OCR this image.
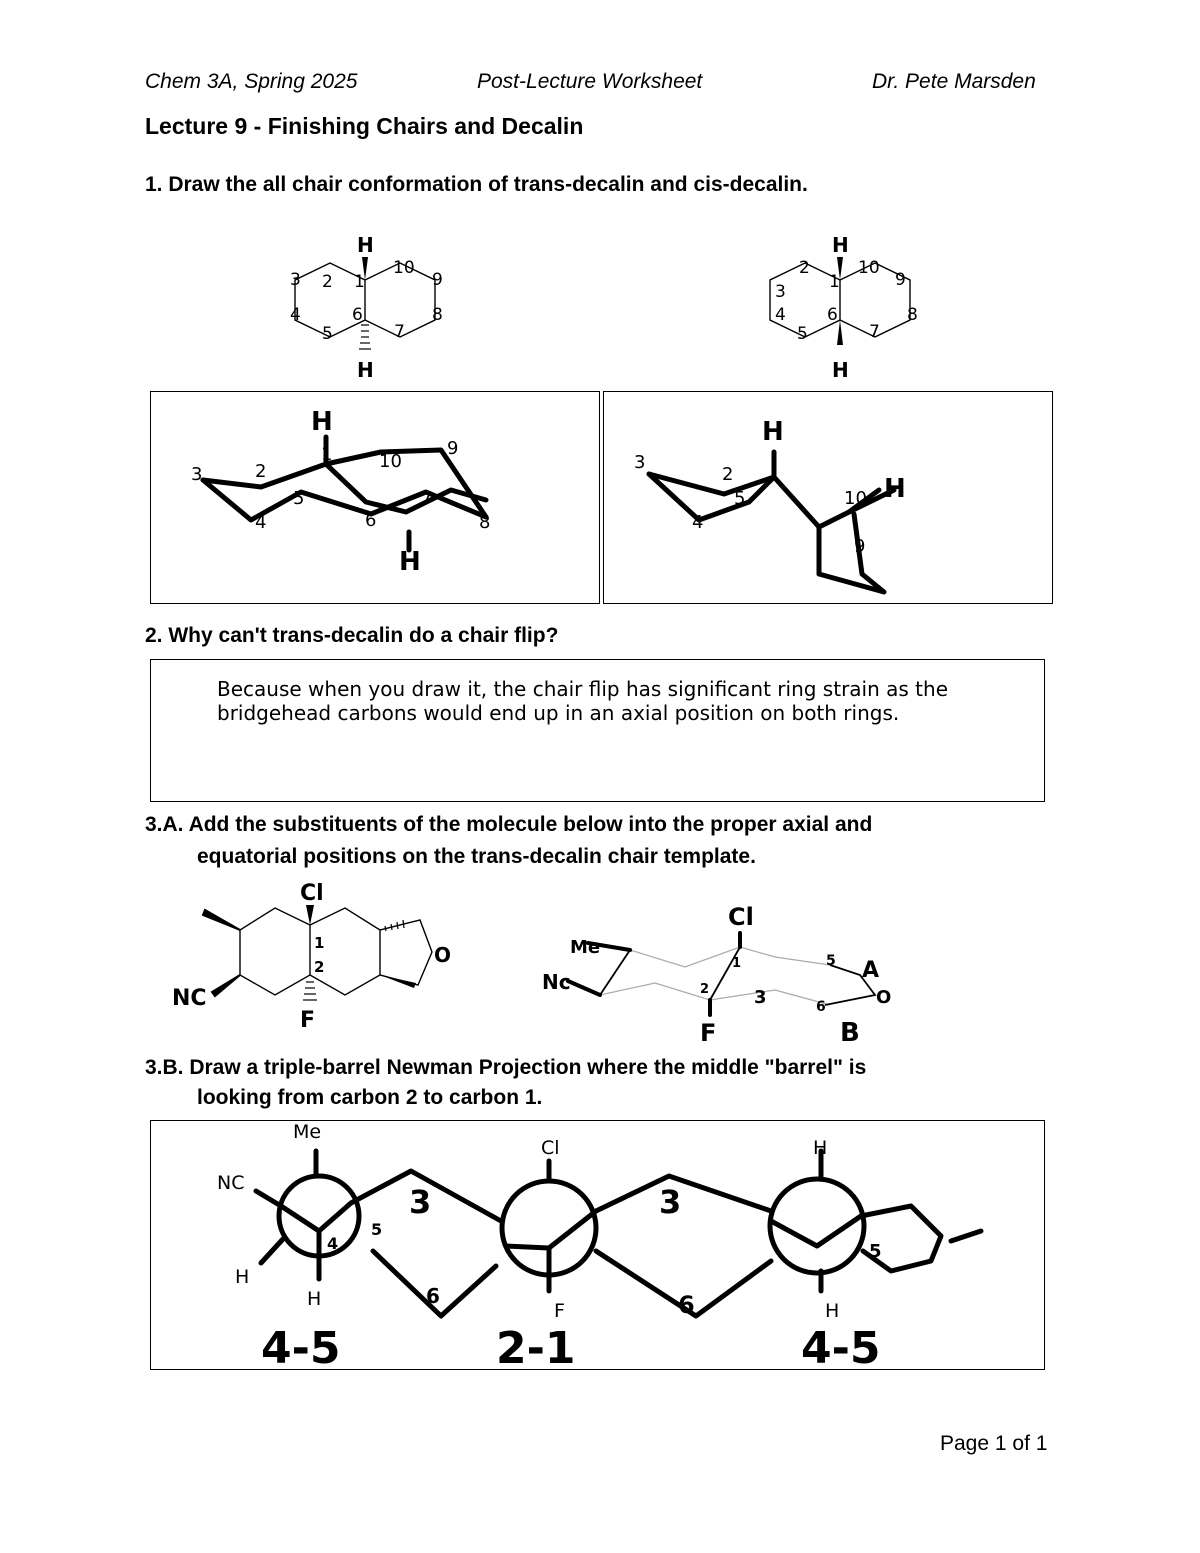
Chem 3A, Spring 2025	Post-Lecture Worksheet	Dr. Pete Marsden
Lecture 9 - Finishing Chairs and Decalin
1. Draw the all chair conformation of trans-decalin and cis-decalin.
H
H
1
2
3
4
5
6
7
8
9
10
H
H
1
2
3
4
5
6
7
8
9
10
H
H
1
2
3
4
5
6
7
8
9
10
H
H
3
2
4
5	10
9
2. Why can't trans-decalin do a chair flip?
Because when you draw it, the chair flip has significant ring strain as the
bridgehead carbons would end up in an axial position on both rings.
3.A. Add the substituents of the molecule below into the proper axial and
equatorial positions on the trans-decalin chair template.
Cl
F
NC
O
1
2
Cl
Me
Nc
F
A
B
O
1
2 3
5
6
3.B. Draw a triple-barrel Newman Projection where the middle "barrel" is
looking from carbon 2 to carbon 1.
Me
NC
H
H
Cl
F
H
H
4-5	2-1	4-5
3	3
6	6
4
5
5
Page 1 of 1
